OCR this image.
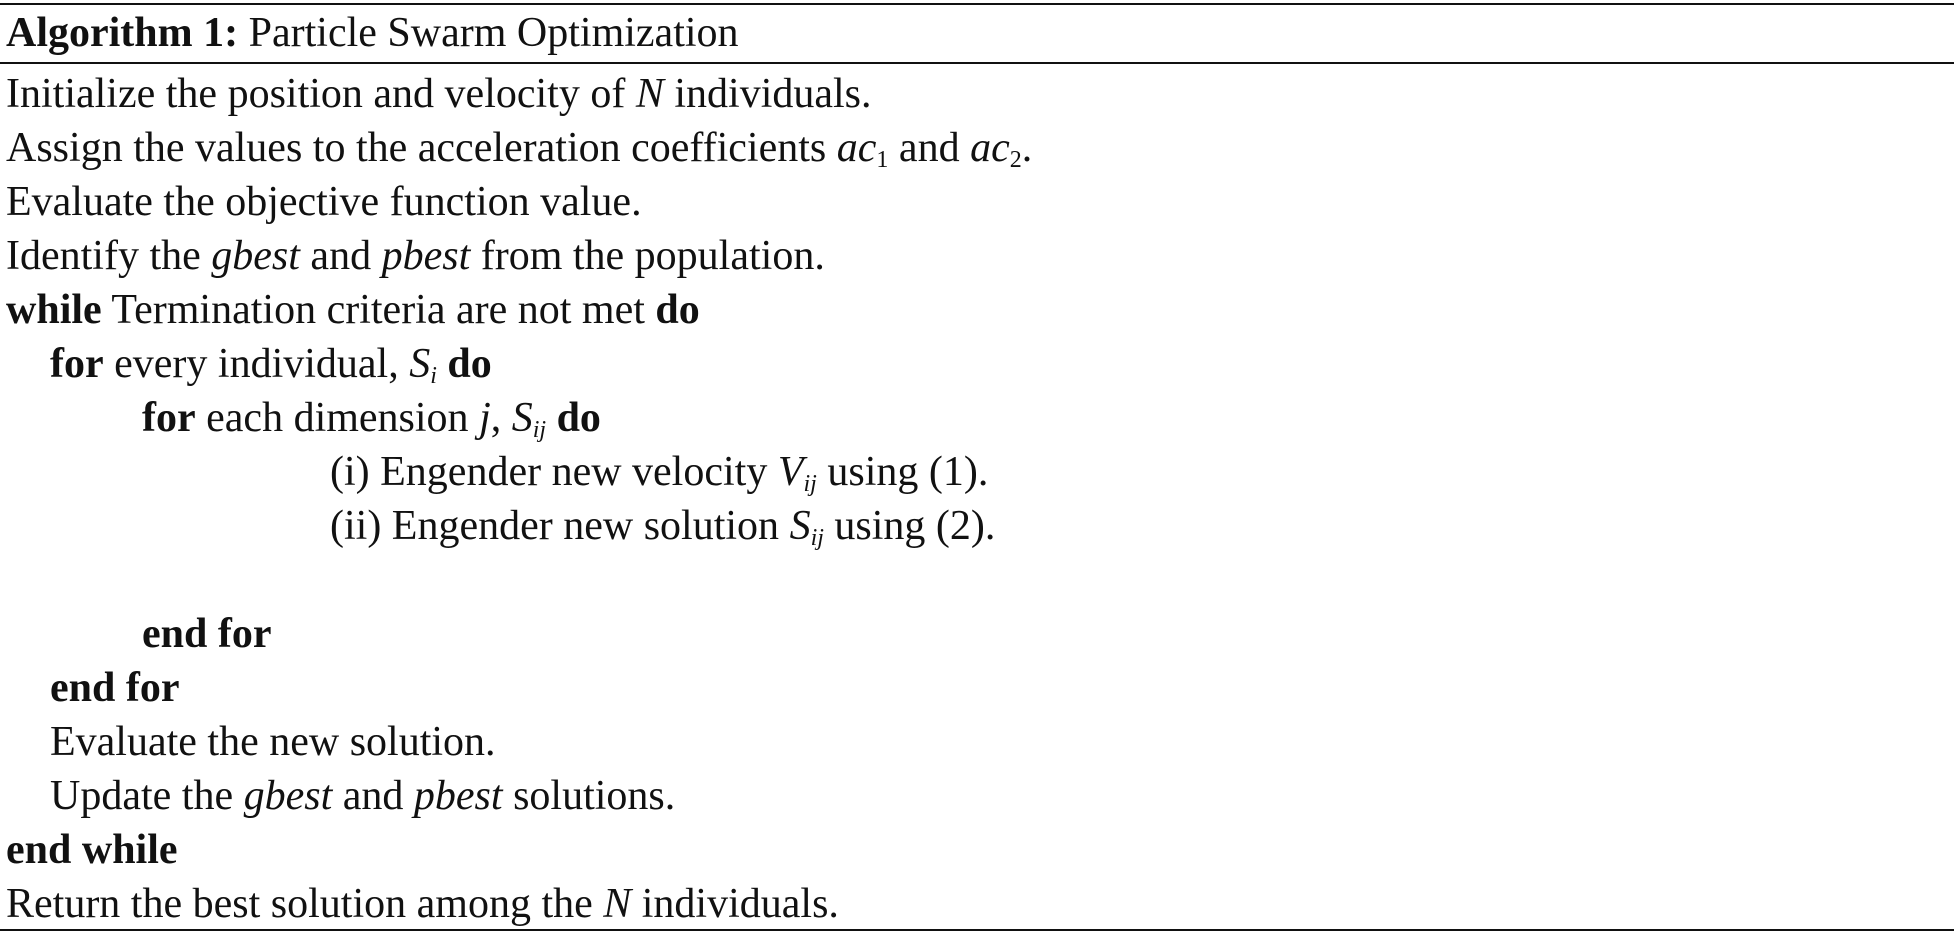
Algorithm 1: Particle Swarm Optimization
Initialize the position and velocity of N individuals.
Assign the values to the acceleration coefficients $ac_1$ and $ac_2$.
Evaluate the objective function value.
Identify the gbest and pbest from the population.
while Termination criteria are not met do
for every individual, $S_i$ do
for each dimension j, $S_{ij}$ do
(i) Engender new velocity $V_{ij}$ using (1).
(ii) Engender new solution $S_{ij}$ using (2).
end for
end for
Evaluate the new solution.
Update the gbest and pbest solutions.
end while
Return the best solution among the N individuals.
